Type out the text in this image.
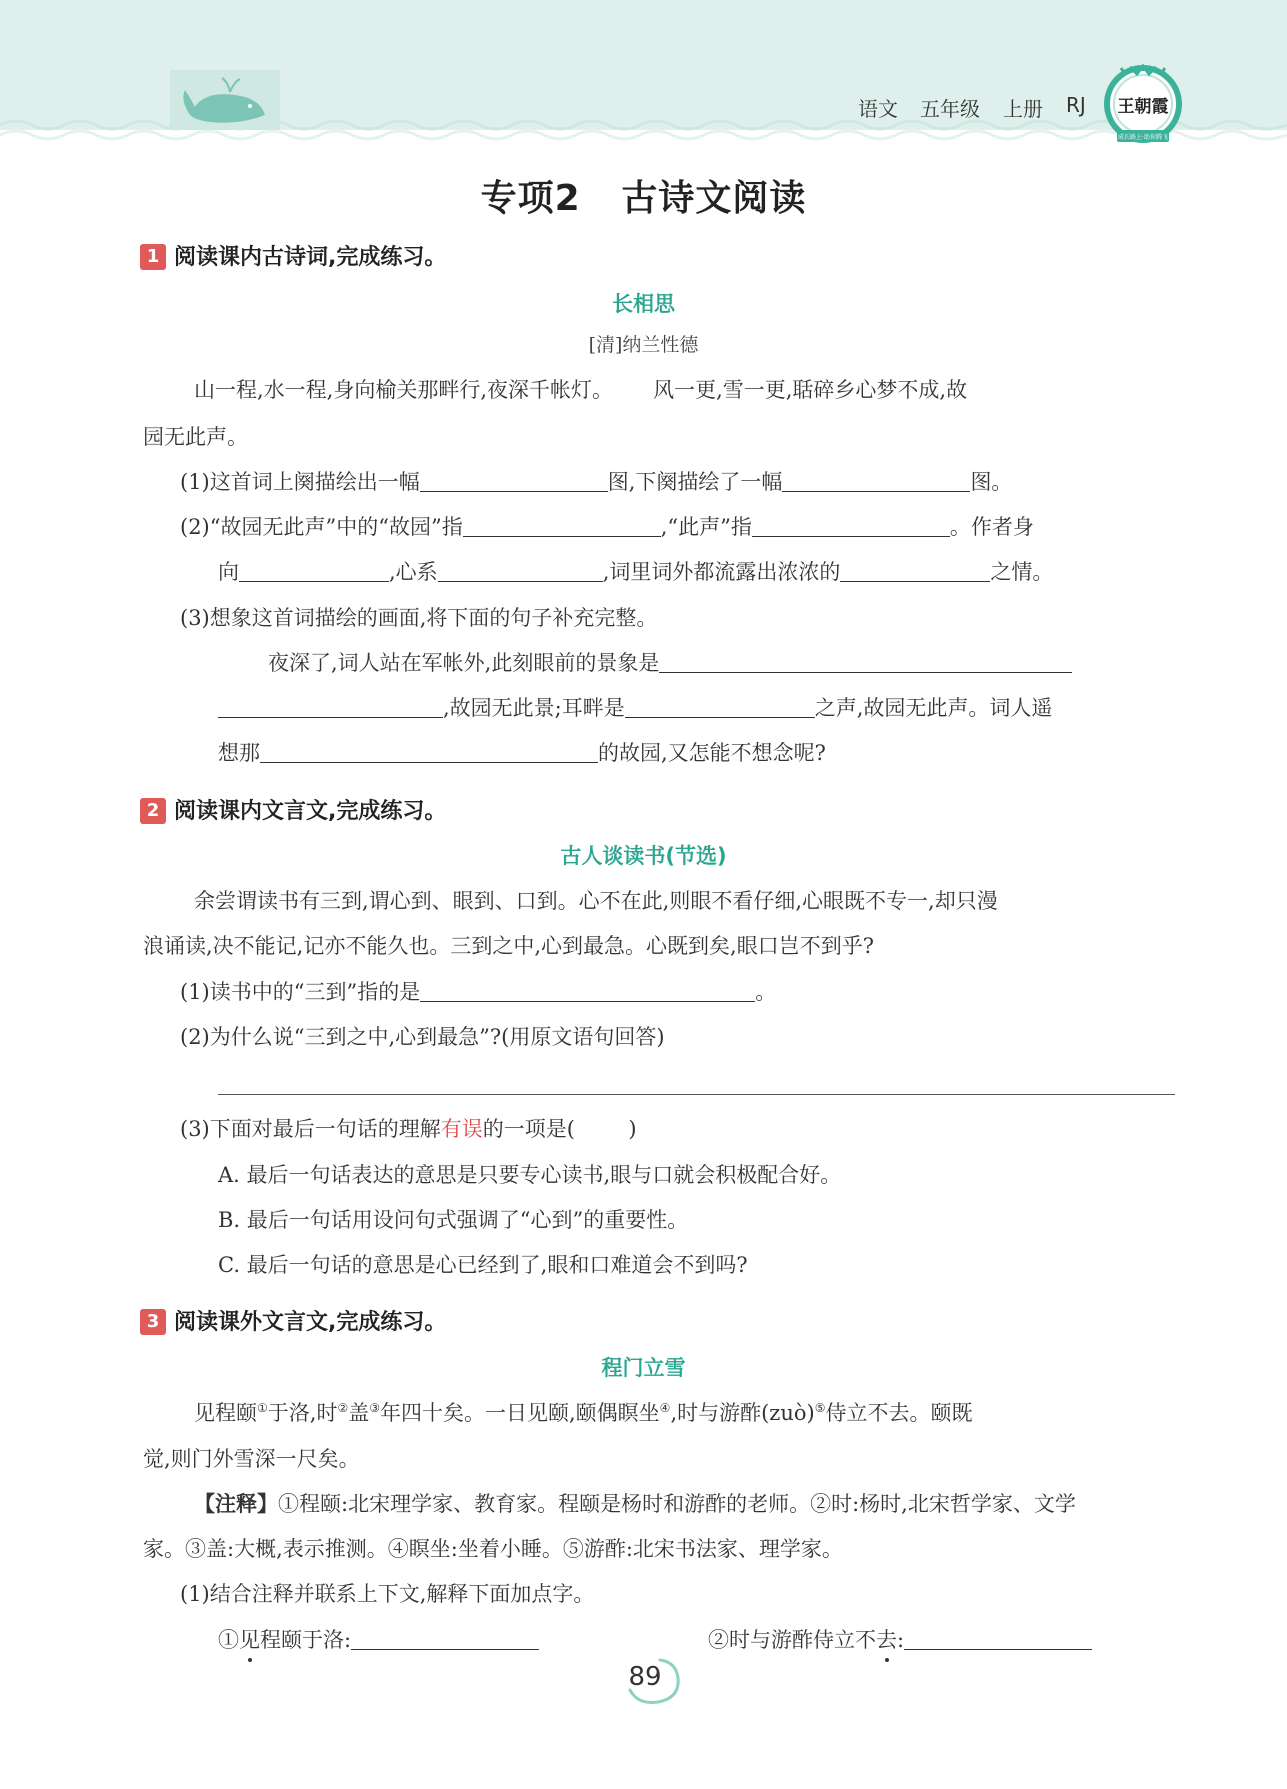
语文 五年级 上册 RJ 王朝霞
成长路上·助你腾飞
专项2   古诗文阅读
1 阅读课内古诗词,完成练习。
长相思
[清]纳兰性德
山一程,水一程,身向榆关那畔行,夜深千帐灯。      风一更,雪一更,聒碎乡心梦不成,故
园无此声。
(1)这首词上阕描绘出一幅	图,下阕描绘了一幅	图。
(2)“故园无此声”中的“故园”指	,“此声”指	。作者身
向	,心系	,词里词外都流露出浓浓的	之情。
(3)想象这首词描绘的画面,将下面的句子补充完整。
夜深了,词人站在军帐外,此刻眼前的景象是
,故园无此景;耳畔是	之声,故园无此声。词人遥
想那	的故园,又怎能不想念呢?
2 阅读课内文言文,完成练习。
古人谈读书(节选)
余尝谓读书有三到,谓心到、眼到、口到。心不在此,则眼不看仔细,心眼既不专一,却只漫
浪诵读,决不能记,记亦不能久也。三到之中,心到最急。心既到矣,眼口岂不到乎?
(1)读书中的“三到”指的是	。
(2)为什么说“三到之中,心到最急”?(用原文语句回答)
(3)下面对最后一句话的理解有误的一项是(        )
A. 最后一句话表达的意思是只要专心读书,眼与口就会积极配合好。
B. 最后一句话用设问句式强调了“心到”的重要性。
C. 最后一句话的意思是心已经到了,眼和口难道会不到吗?
3 阅读课外文言文,完成练习。
程门立雪
见程颐①于洛,时②盖③年四十矣。一日见颐,颐偶瞑坐④,时与游酢(zuò)⑤侍立不去。颐既
觉,则门外雪深一尺矣。
【注释】①程颐:北宋理学家、教育家。程颐是杨时和游酢的老师。②时:杨时,北宋哲学家、文学
家。③盖:大概,表示推测。④瞑坐:坐着小睡。⑤游酢:北宋书法家、理学家。
(1)结合注释并联系上下文,解释下面加点字。
①见程颐于洛:	②时与游酢侍立不去:
89
